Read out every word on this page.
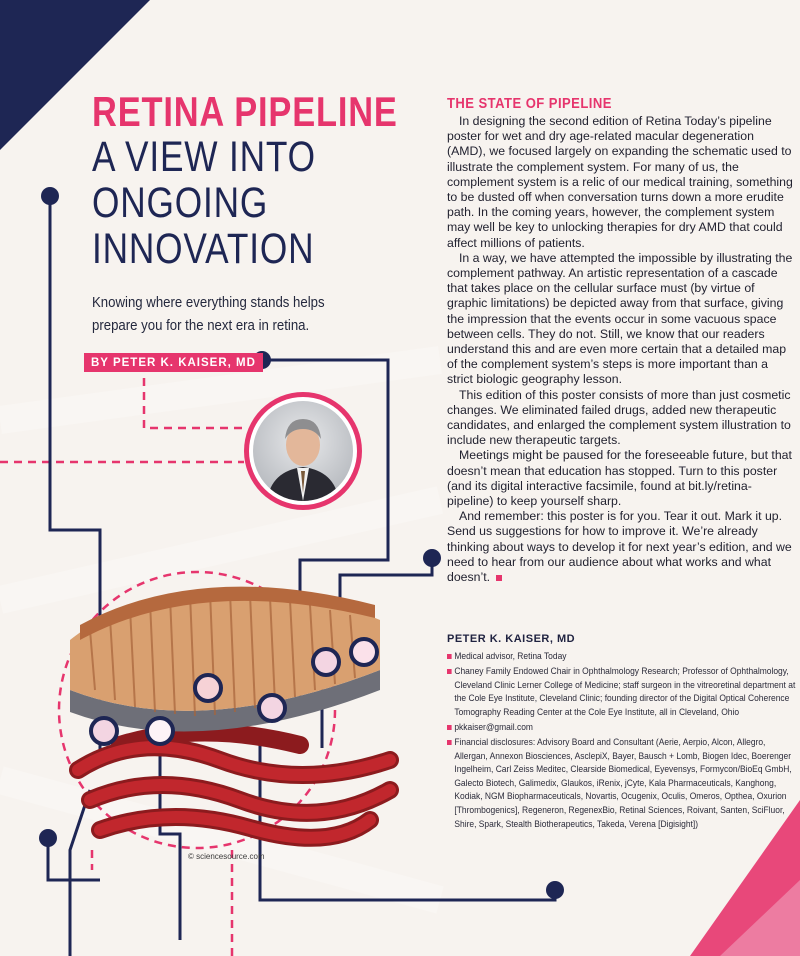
RETINA PIPELINE
A VIEW INTO
ONGOING
INNOVATION
Knowing where everything stands helps prepare you for the next era in retina.
BY PETER K. KAISER, MD
THE STATE OF PIPELINE

In designing the second edition of Retina Today’s pipeline poster for wet and dry age-related macular degeneration (AMD), we focused largely on expanding the schematic used to illustrate the complement system. For many of us, the complement system is a relic of our medical training, something to be dusted off when conversation turns down a more erudite path. In the coming years, however, the complement system may well be key to unlocking therapies for dry AMD that could affect millions of patients.

In a way, we have attempted the impossible by illustrating the complement pathway. An artistic representation of a cascade that takes place on the cellular surface must (by virtue of graphic limitations) be depicted away from that surface, giving the impression that the events occur in some vacuous space between cells. They do not. Still, we know that our readers understand this and are even more certain that a detailed map of the complement system’s steps is more important than a strict biologic geography lesson.

This edition of this poster consists of more than just cosmetic changes. We eliminated failed drugs, added new therapeutic candidates, and enlarged the complement system illustration to include new therapeutic targets.

Meetings might be paused for the foreseeable future, but that doesn’t mean that education has stopped. Turn to this poster (and its digital interactive facsimile, found at bit.ly/retina-pipeline) to keep yourself sharp.

And remember: this poster is for you. Tear it out. Mark it up. Send us suggestions for how to improve it. We’re already thinking about ways to develop it for next year’s edition, and we need to hear from our audience about what works and what doesn’t.

PETER K. KAISER, MD
Medical advisor, Retina Today
Chaney Family Endowed Chair in Ophthalmology Research; Professor of Ophthalmology, Cleveland Clinic Lerner College of Medicine; staff surgeon in the vitreoretinal department at the Cole Eye Institute, Cleveland Clinic; founding director of the Digital Optical Coherence Tomography Reading Center at the Cole Eye Institute, all in Cleveland, Ohio
pkkaiser@gmail.com
Financial disclosures: Advisory Board and Consultant (Aerie, Aerpio, Alcon, Allegro, Allergan, Annexon Biosciences, AsclepiX, Bayer, Bausch + Lomb, Biogen Idec, Boerenger Ingelheim, Carl Zeiss Meditec, Clearside Biomedical, Eyevensys, Formycon/BioEq GmbH, Galecto Biotech, Galimedix, Glaukos, iRenix, jCyte, Kala Pharmaceuticals, Kanghong, Kodiak, NGM Biopharmaceuticals, Novartis, Ocugenix, Oculis, Omeros, Opthea, Oxurion [Thrombogenics], Regeneron, RegenexBio, Retinal Sciences, Roivant, Santen, SciFluor, Shire, Spark, Stealth Biotherapeutics, Takeda, Verena [Digisight])
© sciencesource.com
